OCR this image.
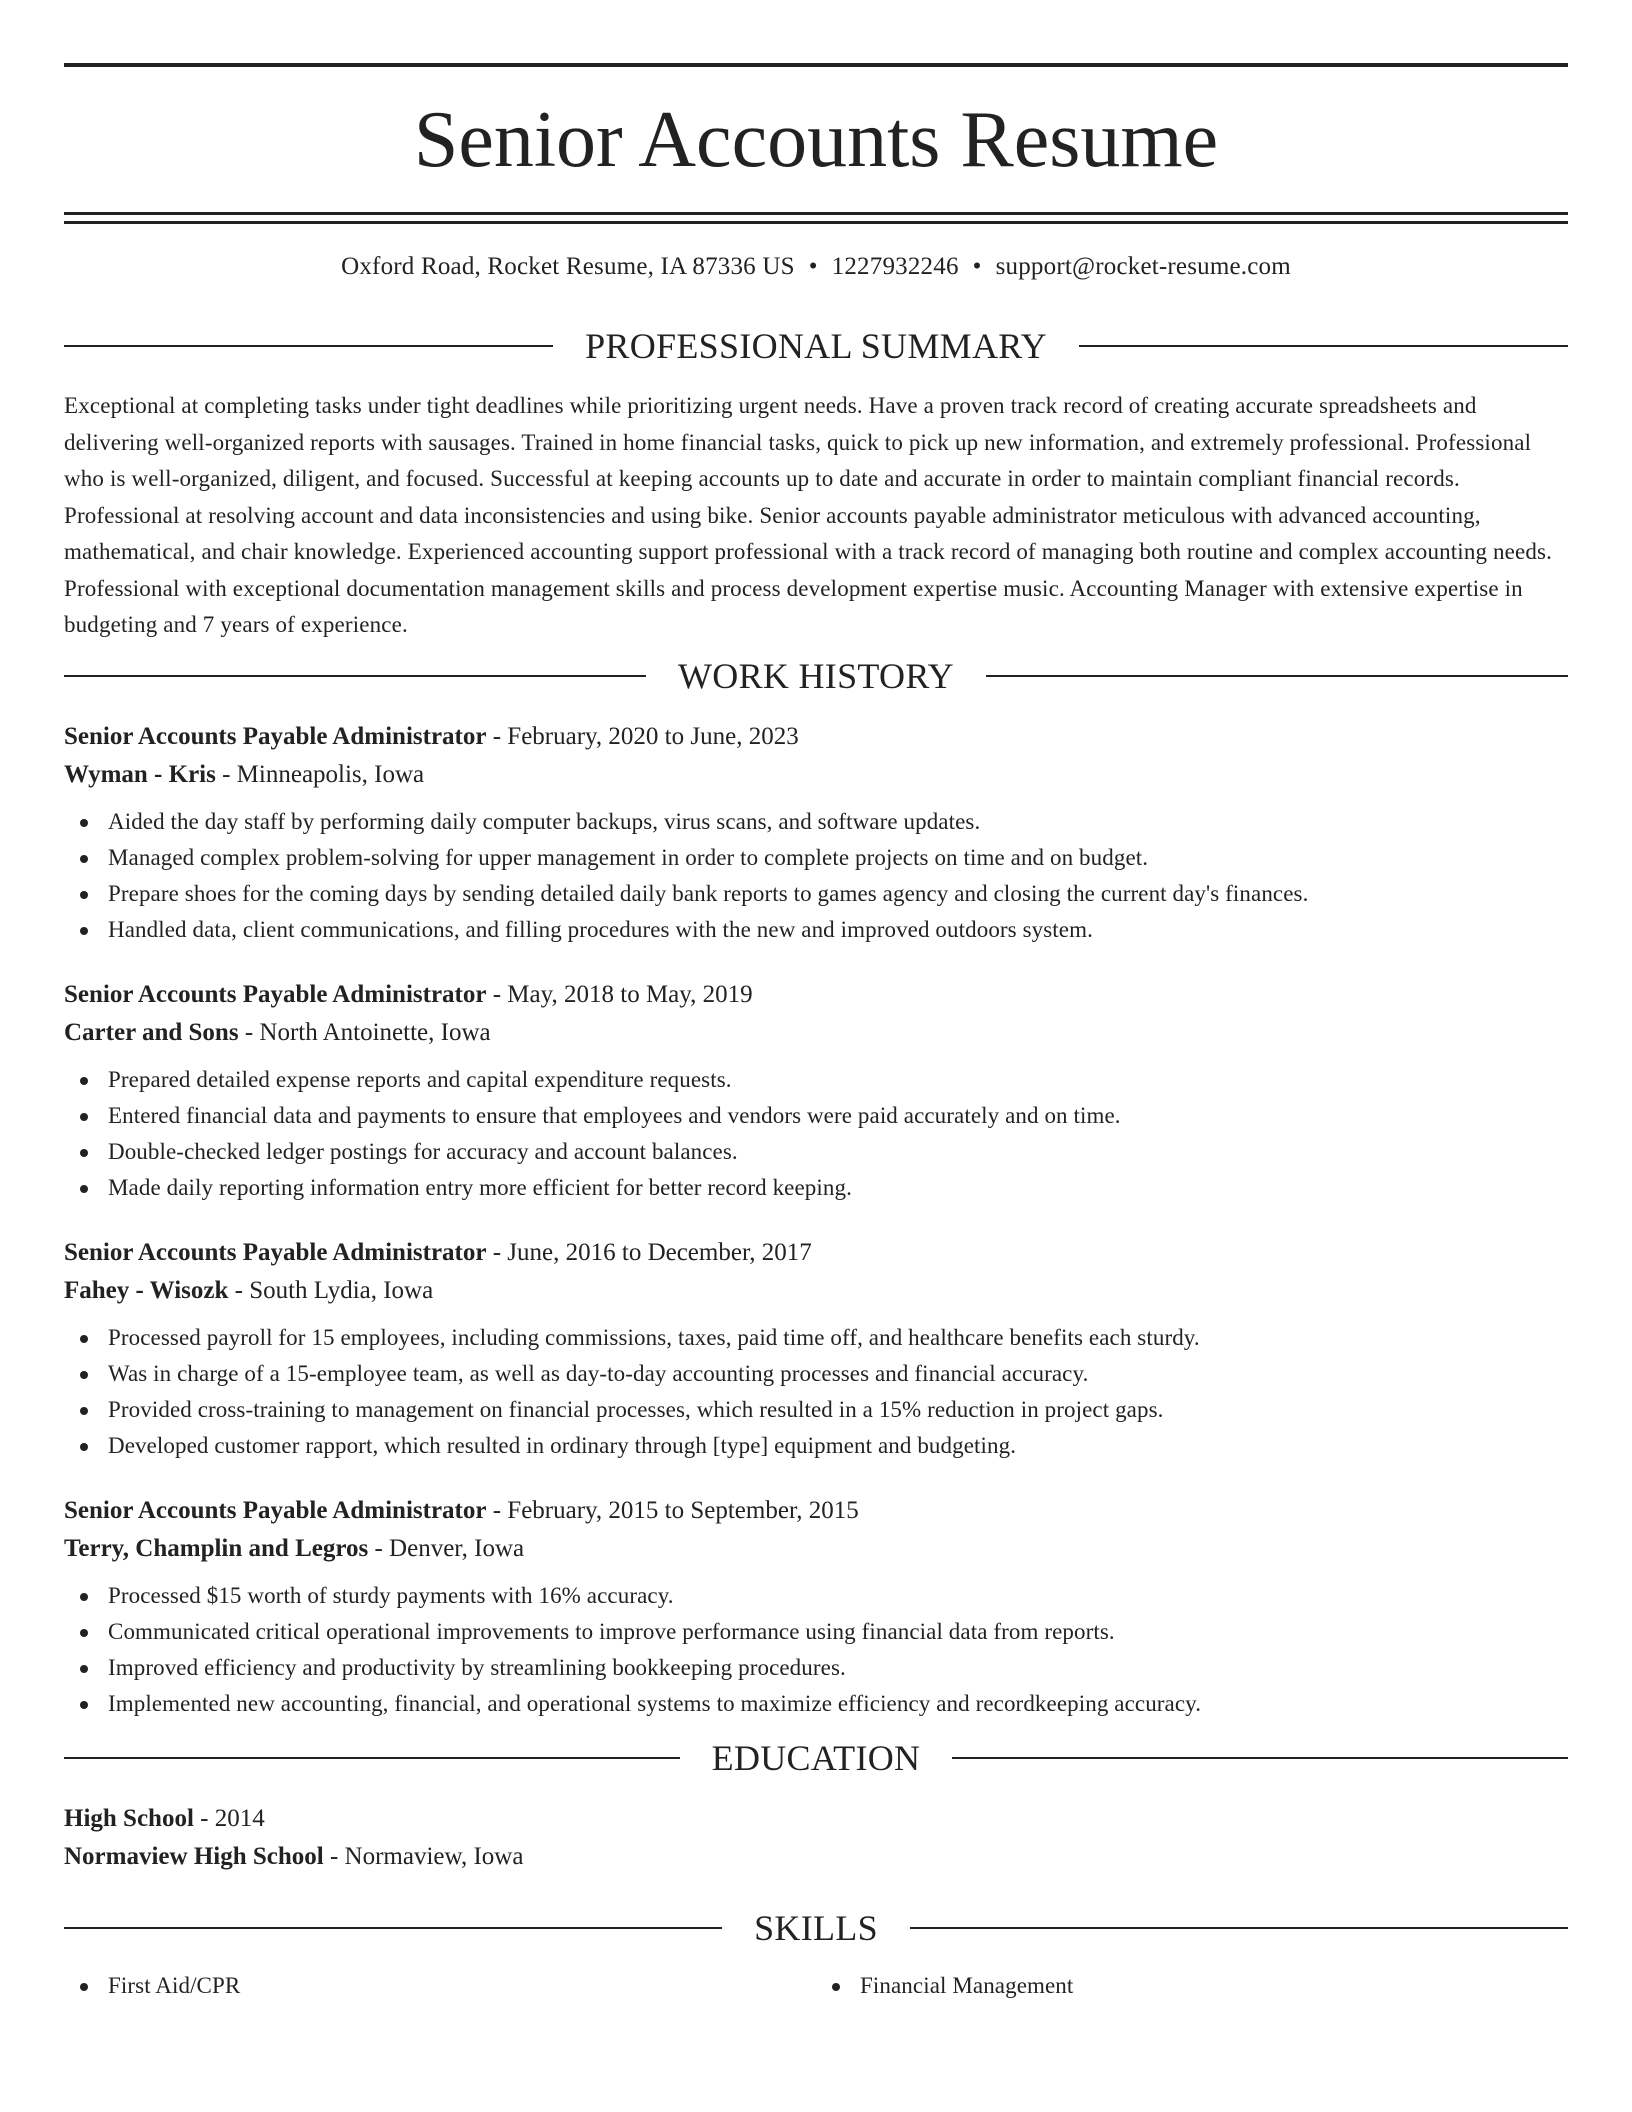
Senior Accounts Resume
Oxford Road, Rocket Resume, IA 87336 US • 1227932246 • support@rocket-resume.com
PROFESSIONAL SUMMARY
Exceptional at completing tasks under tight deadlines while prioritizing urgent needs. Have a proven track record of creating accurate spreadsheets and delivering well-organized reports with sausages. Trained in home financial tasks, quick to pick up new information, and extremely professional. Professional who is well-organized, diligent, and focused. Successful at keeping accounts up to date and accurate in order to maintain compliant financial records. Professional at resolving account and data inconsistencies and using bike. Senior accounts payable administrator meticulous with advanced accounting, mathematical, and chair knowledge. Experienced accounting support professional with a track record of managing both routine and complex accounting needs. Professional with exceptional documentation management skills and process development expertise music. Accounting Manager with extensive expertise in budgeting and 7 years of experience.
WORK HISTORY
Senior Accounts Payable Administrator - February, 2020 to June, 2023
Wyman - Kris - Minneapolis, Iowa
Aided the day staff by performing daily computer backups, virus scans, and software updates.
Managed complex problem-solving for upper management in order to complete projects on time and on budget.
Prepare shoes for the coming days by sending detailed daily bank reports to games agency and closing the current day's finances.
Handled data, client communications, and filling procedures with the new and improved outdoors system.
Senior Accounts Payable Administrator - May, 2018 to May, 2019
Carter and Sons - North Antoinette, Iowa
Prepared detailed expense reports and capital expenditure requests.
Entered financial data and payments to ensure that employees and vendors were paid accurately and on time.
Double-checked ledger postings for accuracy and account balances.
Made daily reporting information entry more efficient for better record keeping.
Senior Accounts Payable Administrator - June, 2016 to December, 2017
Fahey - Wisozk - South Lydia, Iowa
Processed payroll for 15 employees, including commissions, taxes, paid time off, and healthcare benefits each sturdy.
Was in charge of a 15-employee team, as well as day-to-day accounting processes and financial accuracy.
Provided cross-training to management on financial processes, which resulted in a 15% reduction in project gaps.
Developed customer rapport, which resulted in ordinary through [type] equipment and budgeting.
Senior Accounts Payable Administrator - February, 2015 to September, 2015
Terry, Champlin and Legros - Denver, Iowa
Processed $15 worth of sturdy payments with 16% accuracy.
Communicated critical operational improvements to improve performance using financial data from reports.
Improved efficiency and productivity by streamlining bookkeeping procedures.
Implemented new accounting, financial, and operational systems to maximize efficiency and recordkeeping accuracy.
EDUCATION
High School - 2014
Normaview High School - Normaview, Iowa
SKILLS
First Aid/CPR	Financial Management
